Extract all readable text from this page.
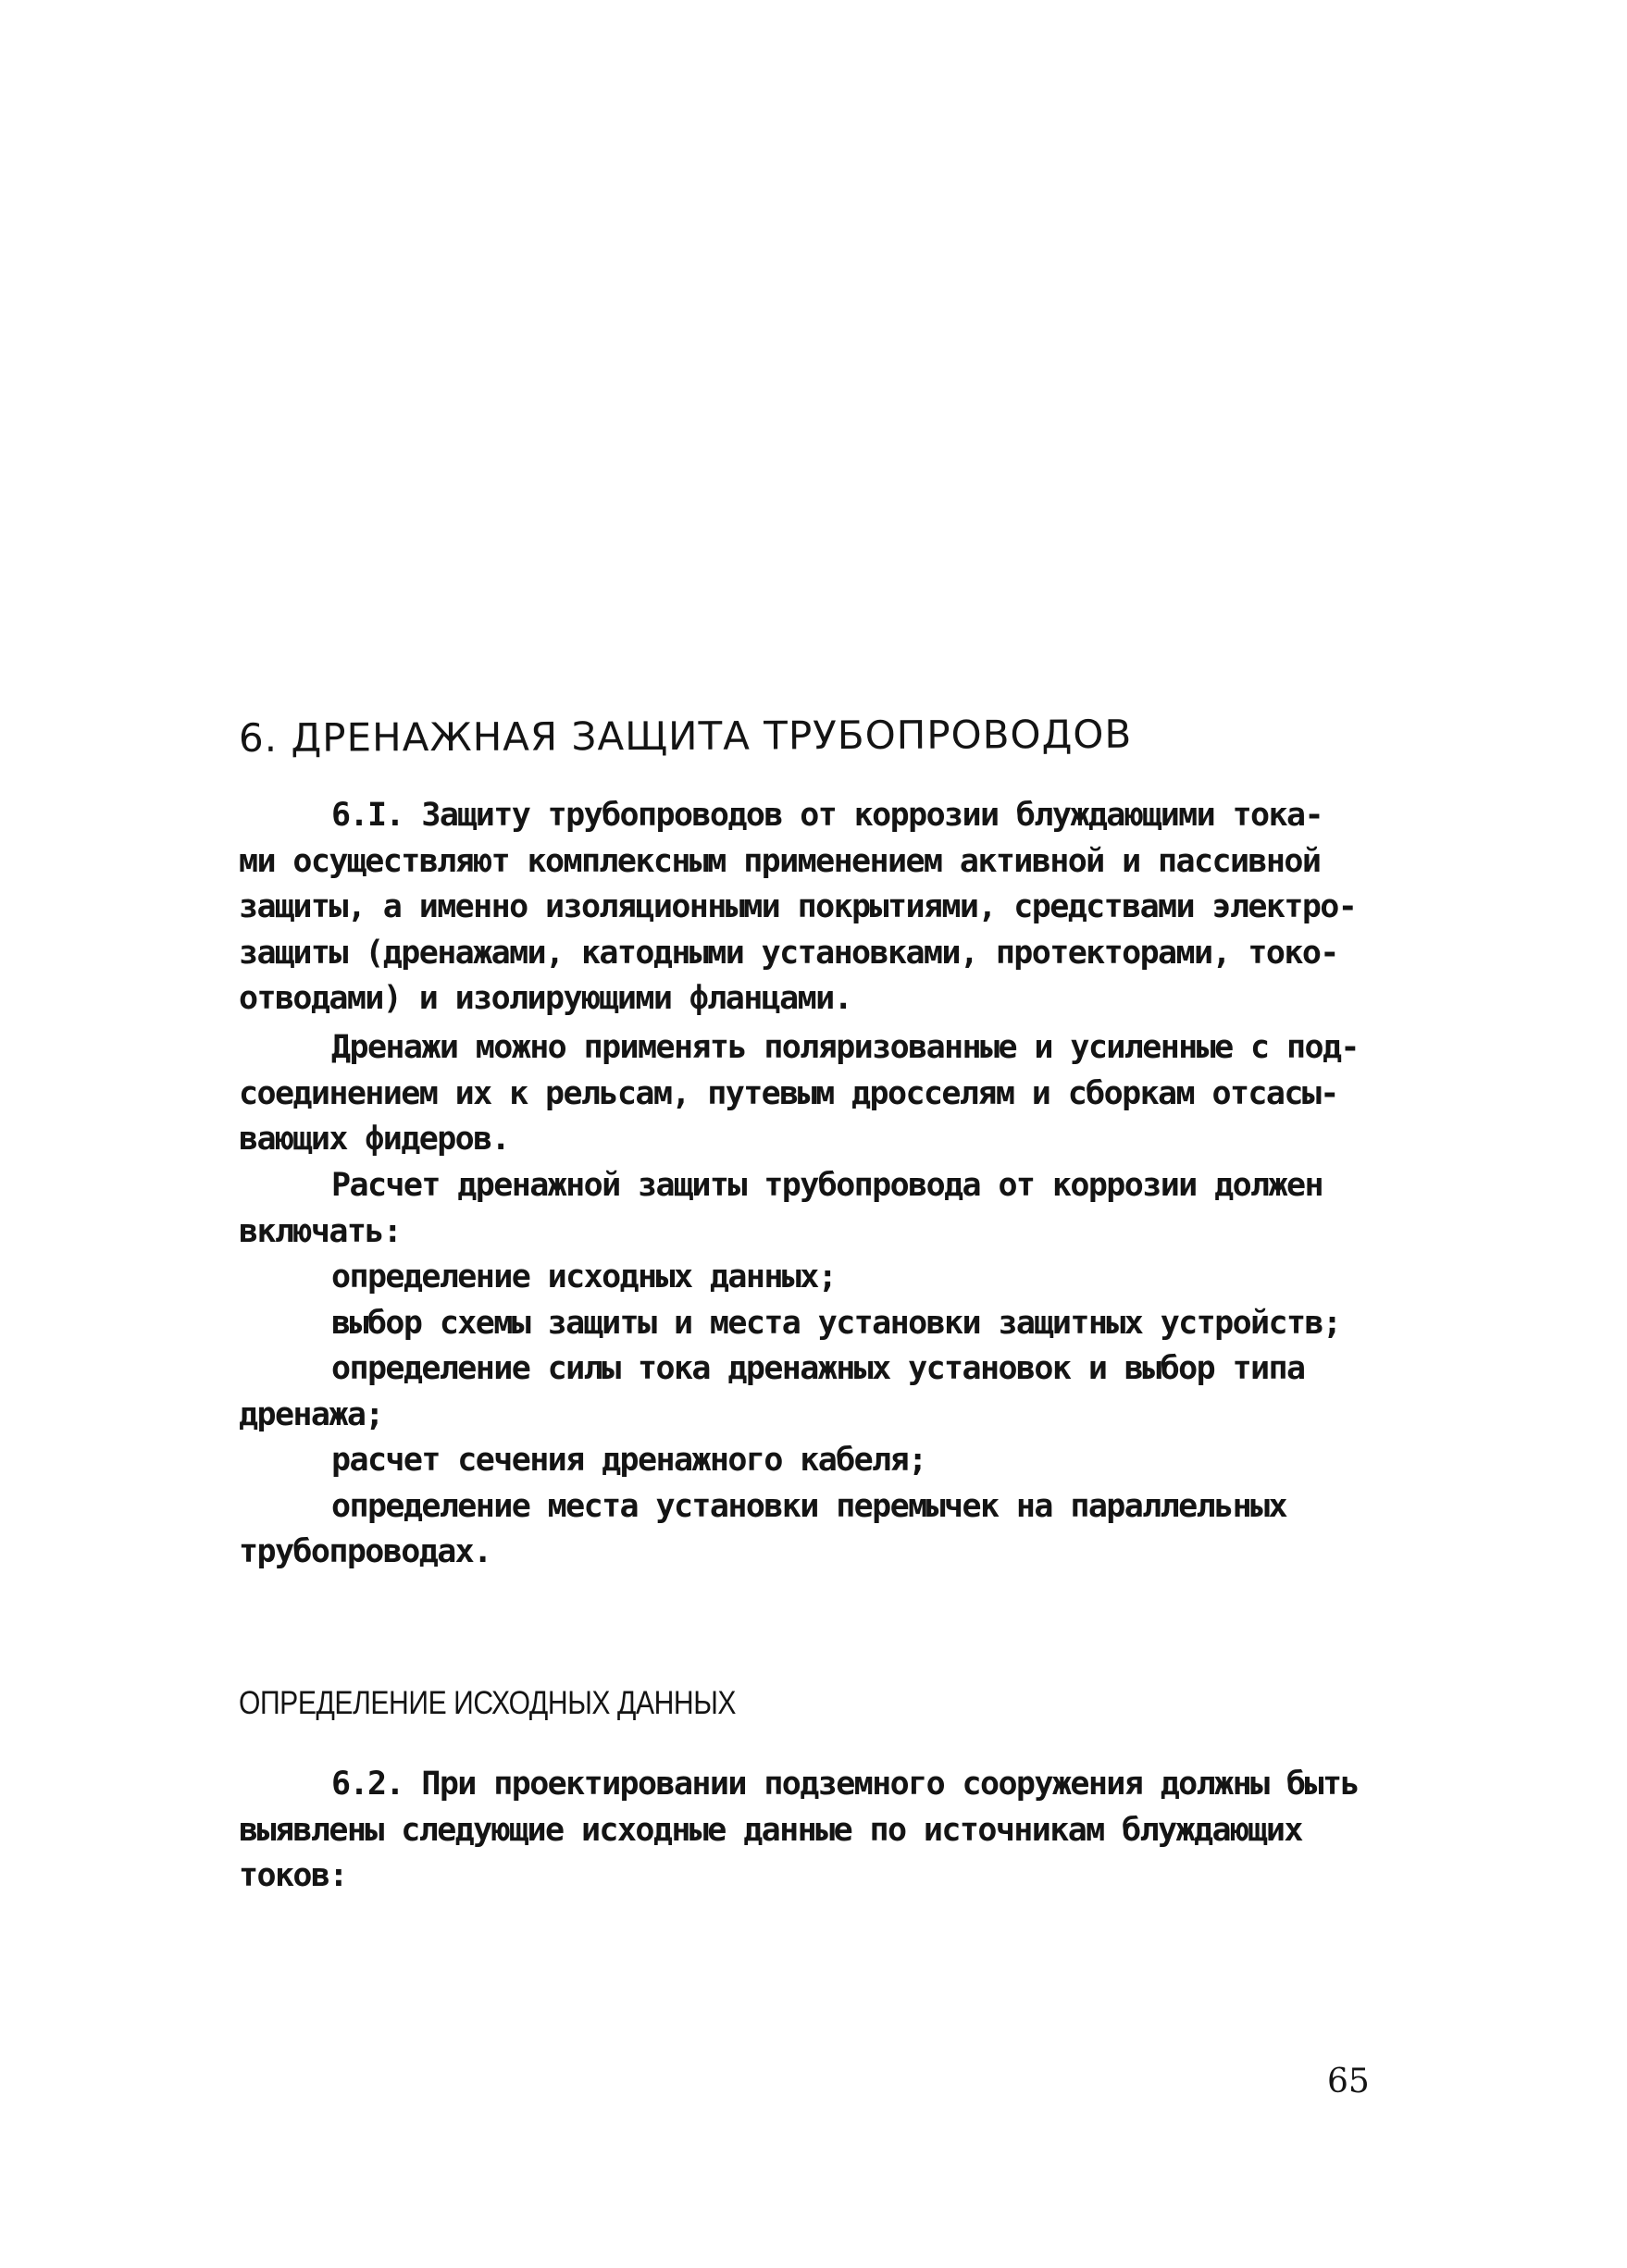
6. ДРЕНАЖНАЯ ЗАЩИТА ТРУБОПРОВОДОВ

6.I. Защиту трубопроводов от коррозии блуждающими тока-
ми осуществляют комплексным применением активной и пассивной
защиты, а именно изоляционными покрытиями, средствами электро-
защиты (дренажами, катодными установками, протекторами, токо-
отводами) и изолирующими фланцами.

Дренажи можно применять поляризованные и усиленные с под-
соединением их к рельсам, путевым дросселям и сборкам отсасы-
вающих фидеров.

Расчет дренажной защиты трубопровода от коррозии должен
включать:

определение исходных данных;
выбор схемы защиты и места установки защитных устройств;
определение силы тока дренажных установок и выбор типа
дренажа;
расчет сечения дренажного кабеля;
определение места установки перемычек на параллельных
трубопроводах.

ОПРЕДЕЛЕНИЕ ИСХОДНЫХ ДАННЫХ

6.2. При проектировании подземного сооружения должны быть
выявлены следующие исходные данные по источникам блуждающих
токов:

65
